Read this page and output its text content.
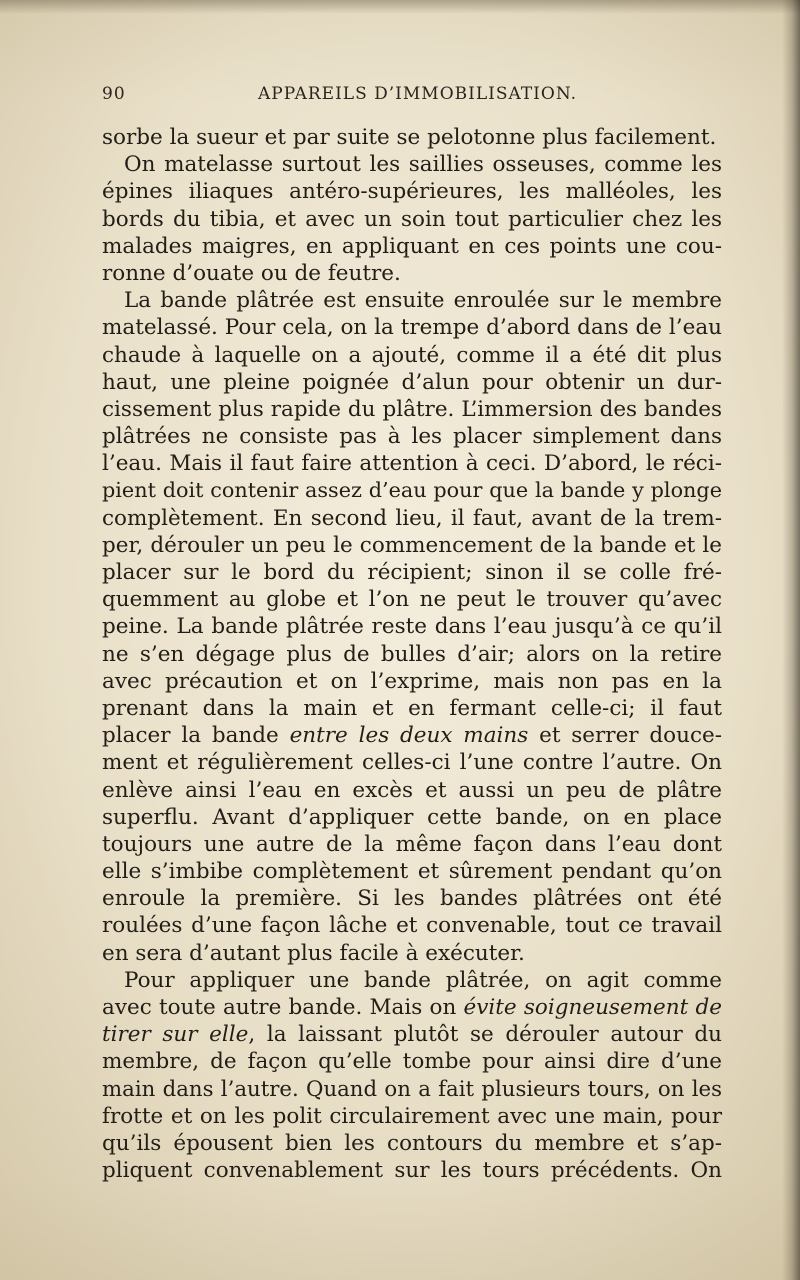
90	APPAREILS D’IMMOBILISATION.
sorbe la sueur et par suite se pelotonne plus facilement.
On matelasse surtout les saillies osseuses, comme les
épines iliaques antéro-supérieures, les malléoles, les
bords du tibia, et avec un soin tout particulier chez les
malades maigres, en appliquant en ces points une cou-
ronne d’ouate ou de feutre.
La bande plâtrée est ensuite enroulée sur le membre
matelassé. Pour cela, on la trempe d’abord dans de l’eau
chaude à laquelle on a ajouté, comme il a été dit plus
haut, une pleine poignée d’alun pour obtenir un dur-
cissement plus rapide du plâtre. L’immersion des bandes
plâtrées ne consiste pas à les placer simplement dans
l’eau. Mais il faut faire attention à ceci. D’abord, le réci-
pient doit contenir assez d’eau pour que la bande y plonge
complètement. En second lieu, il faut, avant de la trem-
per, dérouler un peu le commencement de la bande et le
placer sur le bord du récipient; sinon il se colle fré-
quemment au globe et l’on ne peut le trouver qu’avec
peine. La bande plâtrée reste dans l’eau jusqu’à ce qu’il
ne s’en dégage plus de bulles d’air; alors on la retire
avec précaution et on l’exprime, mais non pas en la
prenant dans la main et en fermant celle-ci; il faut
placer la bande entre les deux mains et serrer douce-
ment et régulièrement celles-ci l’une contre l’autre. On
enlève ainsi l’eau en excès et aussi un peu de plâtre
superflu. Avant d’appliquer cette bande, on en place
toujours une autre de la même façon dans l’eau dont
elle s’imbibe complètement et sûrement pendant qu’on
enroule la première. Si les bandes plâtrées ont été
roulées d’une façon lâche et convenable, tout ce travail
en sera d’autant plus facile à exécuter.
Pour appliquer une bande plâtrée, on agit comme
avec toute autre bande. Mais on évite soigneusement de
tirer sur elle, la laissant plutôt se dérouler autour du
membre, de façon qu’elle tombe pour ainsi dire d’une
main dans l’autre. Quand on a fait plusieurs tours, on les
frotte et on les polit circulairement avec une main, pour
qu’ils épousent bien les contours du membre et s’ap-
pliquent convenablement sur les tours précédents. On
